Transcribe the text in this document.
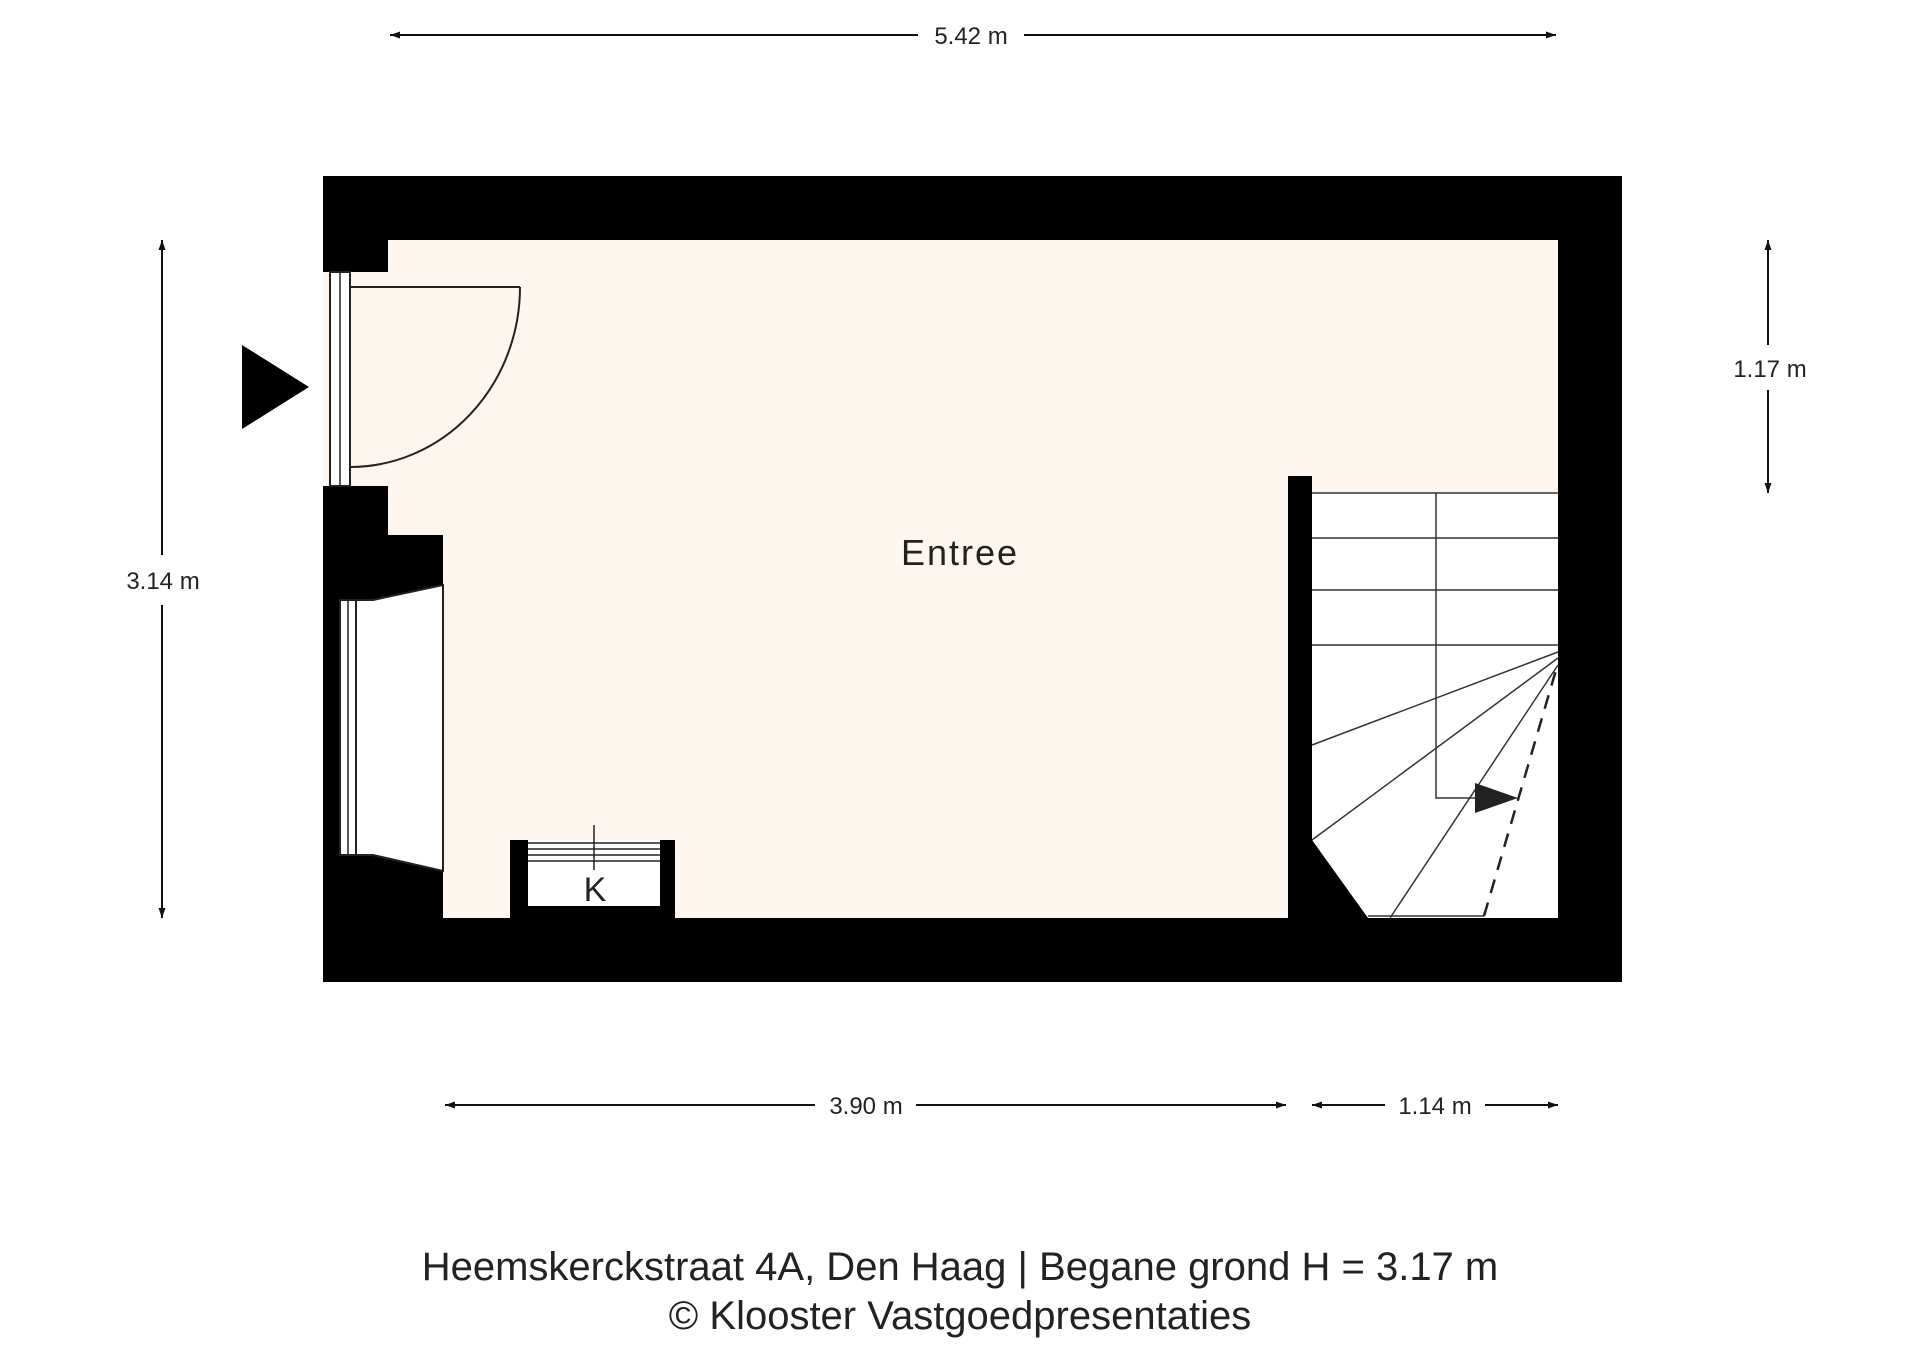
K
Entree
5.42 m
3.14 m
1.17 m
3.90 m	1.14 m
Heemskerckstraat 4A, Den Haag | Begane grond H = 3.17 m
© Klooster Vastgoedpresentaties
